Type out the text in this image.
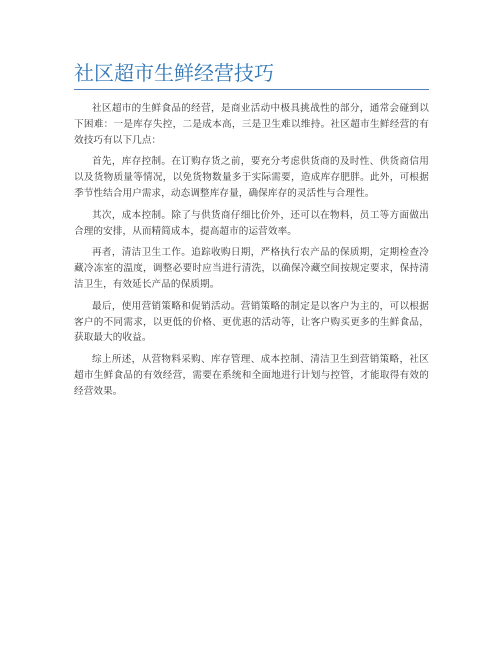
社区超市生鲜经营技巧

社区超市的生鲜食品的经营，是商业活动中极具挑战性的部分，通常会碰到以下困难：一是库存失控，二是成本高，三是卫生难以维持。社区超市生鲜经营的有效技巧有以下几点：

首先，库存控制。在订购存货之前，要充分考虑供货商的及时性、供货商信用以及货物质量等情况，以免货物数量多于实际需要，造成库存肥胖。此外，可根据季节性结合用户需求，动态调整库存量，确保库存的灵活性与合理性。

其次，成本控制。除了与供货商仔细比价外，还可以在物料，员工等方面做出合理的安排，从而精简成本，提高超市的运营效率。

再者，清洁卫生工作。追踪收购日期，严格执行农产品的保质期，定期检查冷藏冷冻室的温度，调整必要时应当进行清洗，以确保冷藏空间按规定要求，保持清洁卫生，有效延长产品的保质期。

最后，使用营销策略和促销活动。营销策略的制定是以客户为主的，可以根据客户的不同需求，以更低的价格、更优惠的活动等，让客户购买更多的生鲜食品，获取最大的收益。

综上所述，从营物料采购、库存管理、成本控制、清洁卫生到营销策略，社区超市生鲜食品的有效经营，需要在系统和全面地进行计划与控管，才能取得有效的经营效果。
